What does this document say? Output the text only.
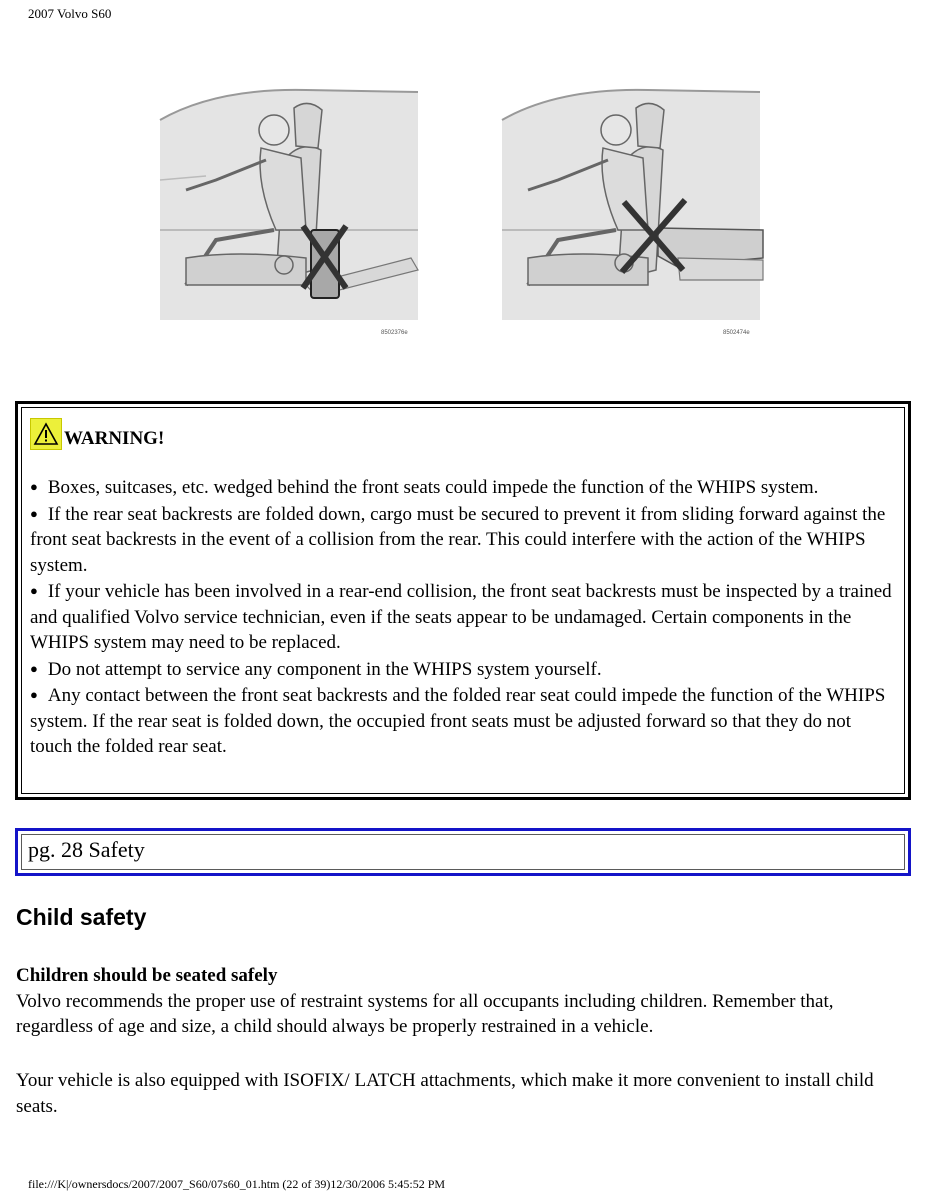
2007 Volvo S60
8502376e	8502474e
WARNING!
● Boxes, suitcases, etc. wedged behind the front seats could impede the function of the WHIPS system.
● If the rear seat backrests are folded down, cargo must be secured to prevent it from sliding forward against the front seat backrests in the event of a collision from the rear. This could interfere with the action of the WHIPS system.
● If your vehicle has been involved in a rear-end collision, the front seat backrests must be inspected by a trained and qualified Volvo service technician, even if the seats appear to be undamaged. Certain components in the WHIPS system may need to be replaced.
● Do not attempt to service any component in the WHIPS system yourself.
● Any contact between the front seat backrests and the folded rear seat could impede the function of the WHIPS system. If the rear seat is folded down, the occupied front seats must be adjusted forward so that they do not touch the folded rear seat.
pg. 28 Safety
Child safety
Children should be seated safely
Volvo recommends the proper use of restraint systems for all occupants including children. Remember that, regardless of age and size, a child should always be properly restrained in a vehicle.
Your vehicle is also equipped with ISOFIX/ LATCH attachments, which make it more convenient to install child seats.
file:///K|/ownersdocs/2007/2007_S60/07s60_01.htm (22 of 39)12/30/2006 5:45:52 PM
